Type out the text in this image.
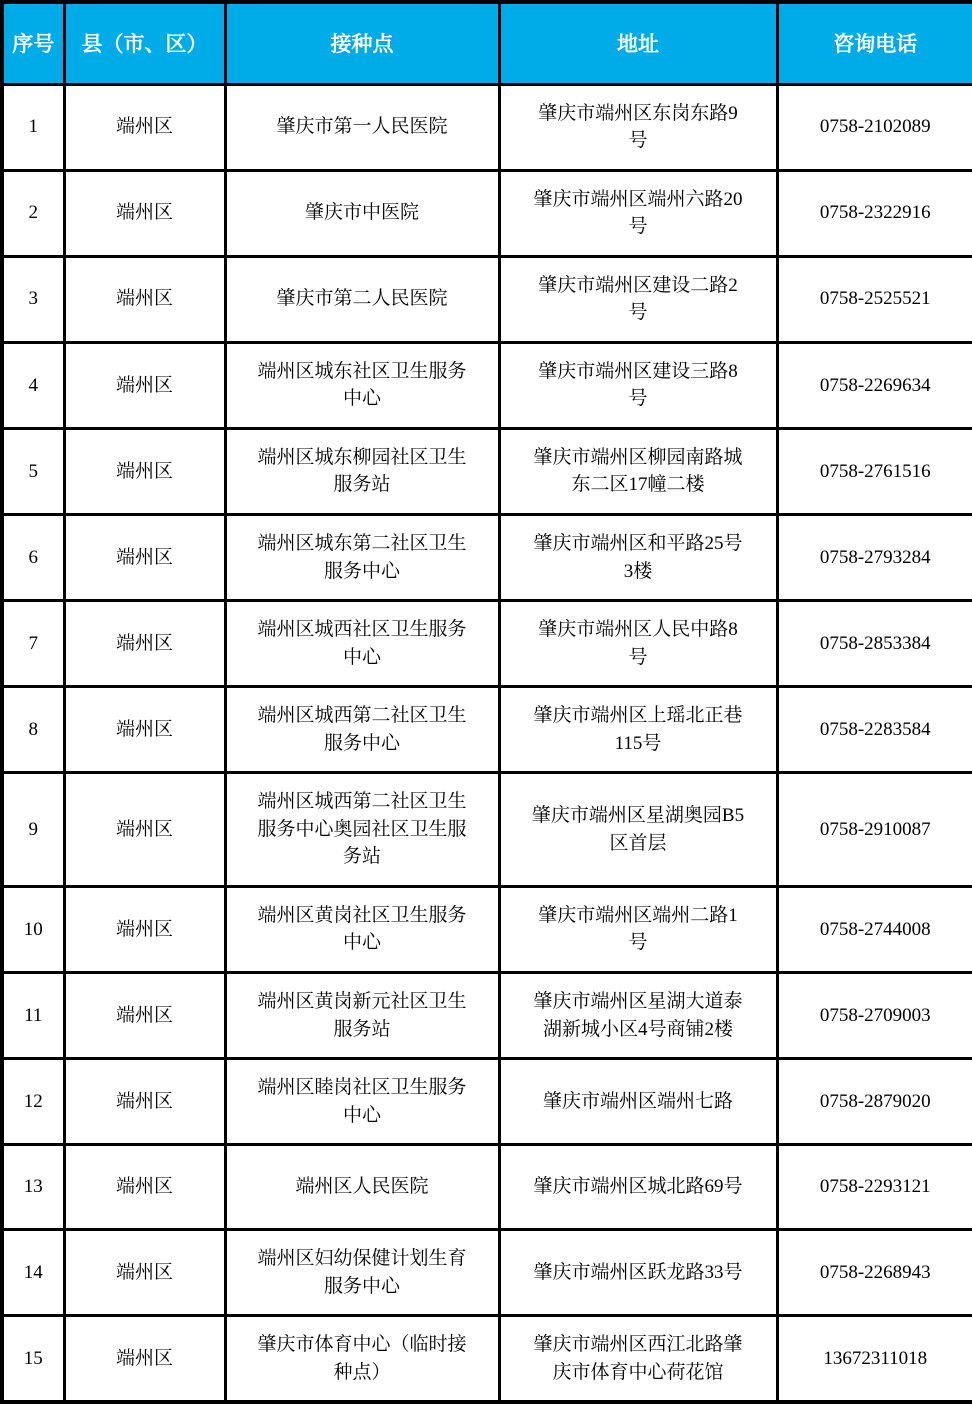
序号	县（市、区）	接种点	地址	咨询电话
1	端州区	肇庆市第一人民医院	肇庆市端州区东岗东路9号	0758-2102089
2	端州区	肇庆市中医院	肇庆市端州区端州六路20号	0758-2322916
3	端州区	肇庆市第二人民医院	肇庆市端州区建设二路2号	0758-2525521
4	端州区	端州区城东社区卫生服务中心	肇庆市端州区建设三路8号	0758-2269634
5	端州区	端州区城东柳园社区卫生服务站	肇庆市端州区柳园南路城东二区17幢二楼	0758-2761516
6	端州区	端州区城东第二社区卫生服务中心	肇庆市端州区和平路25号3楼	0758-2793284
7	端州区	端州区城西社区卫生服务中心	肇庆市端州区人民中路8号	0758-2853384
8	端州区	端州区城西第二社区卫生服务中心	肇庆市端州区上瑶北正巷115号	0758-2283584
9	端州区	端州区城西第二社区卫生服务中心奥园社区卫生服务站	肇庆市端州区星湖奥园B5区首层	0758-2910087
10	端州区	端州区黄岗社区卫生服务中心	肇庆市端州区端州二路1号	0758-2744008
11	端州区	端州区黄岗新元社区卫生服务站	肇庆市端州区星湖大道泰湖新城小区4号商铺2楼	0758-2709003
12	端州区	端州区睦岗社区卫生服务中心	肇庆市端州区端州七路	0758-2879020
13	端州区	端州区人民医院	肇庆市端州区城北路69号	0758-2293121
14	端州区	端州区妇幼保健计划生育服务中心	肇庆市端州区跃龙路33号	0758-2268943
15	端州区	肇庆市体育中心（临时接种点）	肇庆市端州区西江北路肇庆市体育中心荷花馆	13672311018
